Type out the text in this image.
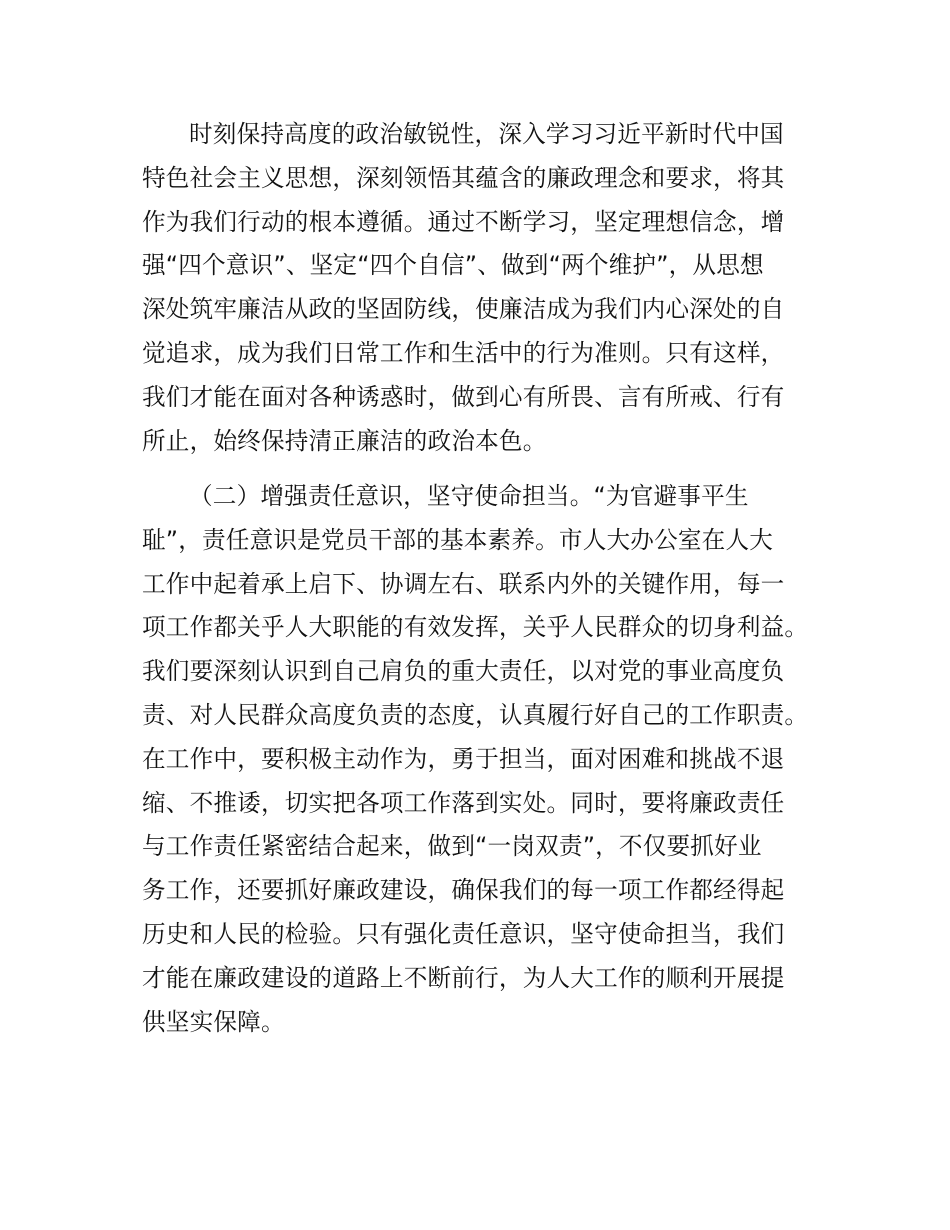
时刻保持高度的政治敏锐性，深入学习习近平新时代中国
特色社会主义思想，深刻领悟其蕴含的廉政理念和要求，将其
作为我们行动的根本遵循。通过不断学习，坚定理想信念，增
强“四个意识”、坚定“四个自信”、做到“两个维护”，从思想
深处筑牢廉洁从政的坚固防线，使廉洁成为我们内心深处的自
觉追求，成为我们日常工作和生活中的行为准则。只有这样，
我们才能在面对各种诱惑时，做到心有所畏、言有所戒、行有
所止，始终保持清正廉洁的政治本色。
（二）增强责任意识，坚守使命担当。“为官避事平生
耻”，责任意识是党员干部的基本素养。市人大办公室在人大
工作中起着承上启下、协调左右、联系内外的关键作用，每一
项工作都关乎人大职能的有效发挥，关乎人民群众的切身利益。
我们要深刻认识到自己肩负的重大责任，以对党的事业高度负
责、对人民群众高度负责的态度，认真履行好自己的工作职责。
在工作中，要积极主动作为，勇于担当，面对困难和挑战不退
缩、不推诿，切实把各项工作落到实处。同时，要将廉政责任
与工作责任紧密结合起来，做到“一岗双责”，不仅要抓好业
务工作，还要抓好廉政建设，确保我们的每一项工作都经得起
历史和人民的检验。只有强化责任意识，坚守使命担当，我们
才能在廉政建设的道路上不断前行，为人大工作的顺利开展提
供坚实保障。
